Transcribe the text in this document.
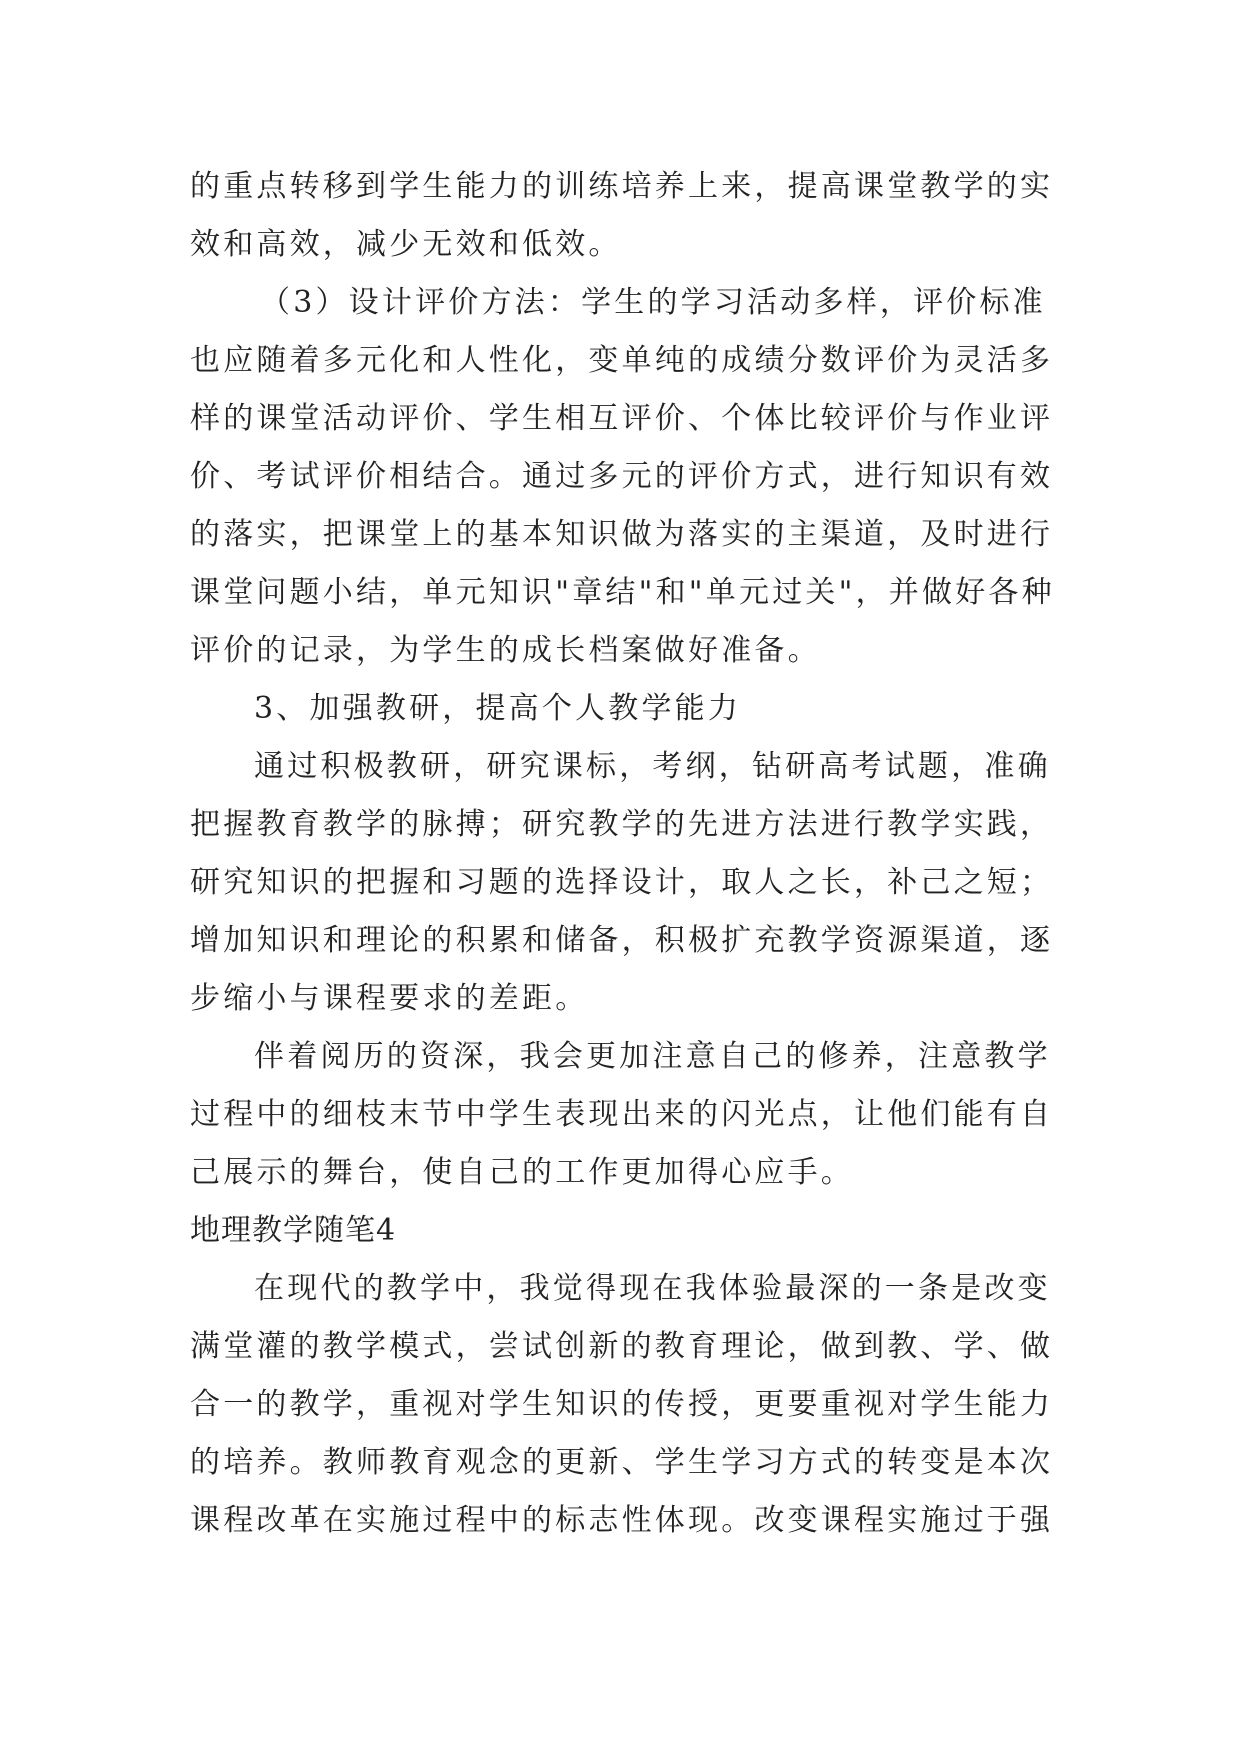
的重点转移到学生能力的训练培养上来，提高课堂教学的实
效和高效，减少无效和低效。
（3）设计评价方法：学生的学习活动多样，评价标准
也应随着多元化和人性化，变单纯的成绩分数评价为灵活多
样的课堂活动评价、学生相互评价、个体比较评价与作业评
价、考试评价相结合。通过多元的评价方式，进行知识有效
的落实，把课堂上的基本知识做为落实的主渠道，及时进行
课堂问题小结，单元知识"章结"和"单元过关"，并做好各种
评价的记录，为学生的成长档案做好准备。
3、加强教研，提高个人教学能力
通过积极教研，研究课标，考纲，钻研高考试题，准确
把握教育教学的脉搏；研究教学的先进方法进行教学实践，
研究知识的把握和习题的选择设计，取人之长，补己之短；
增加知识和理论的积累和储备，积极扩充教学资源渠道，逐
步缩小与课程要求的差距。
伴着阅历的资深，我会更加注意自己的修养，注意教学
过程中的细枝末节中学生表现出来的闪光点，让他们能有自
己展示的舞台，使自己的工作更加得心应手。
地理教学随笔4
在现代的教学中，我觉得现在我体验最深的一条是改变
满堂灌的教学模式，尝试创新的教育理论，做到教、学、做
合一的教学，重视对学生知识的传授，更要重视对学生能力
的培养。教师教育观念的更新、学生学习方式的转变是本次
课程改革在实施过程中的标志性体现。改变课程实施过于强
